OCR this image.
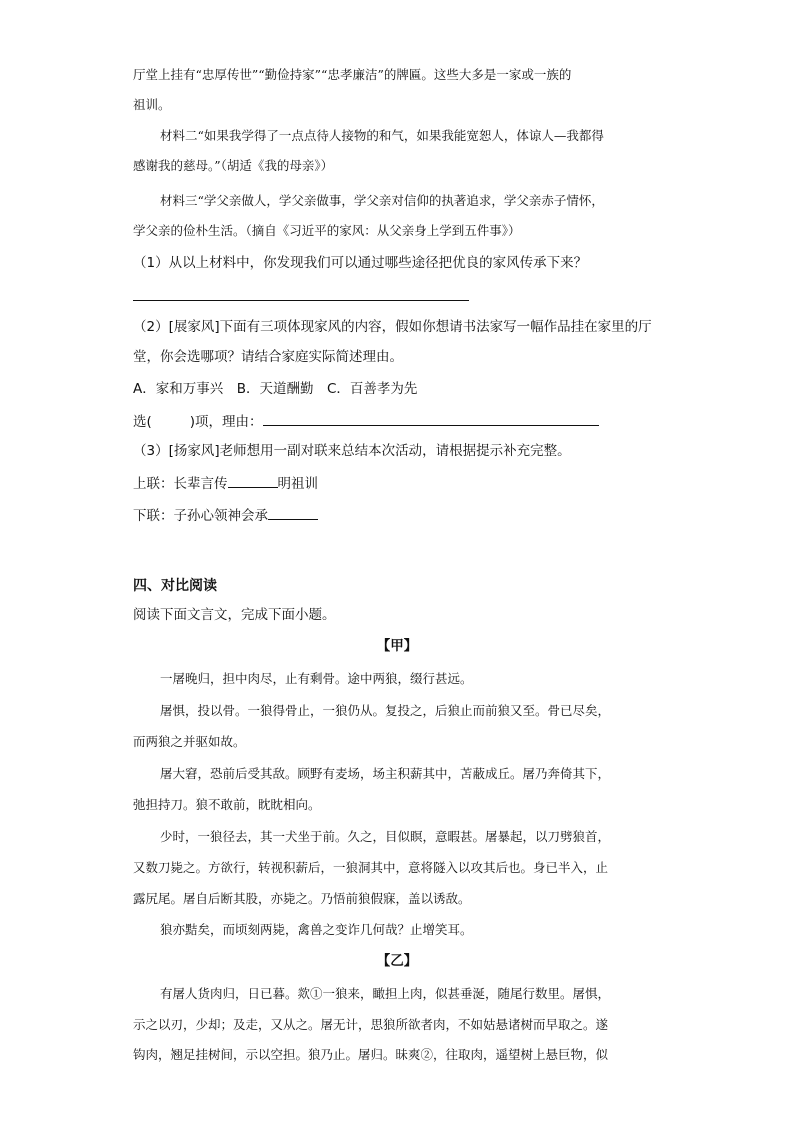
厅堂上挂有“忠厚传世”“勤俭持家”“忠孝廉洁”的牌匾。这些大多是一家或一族的
祖训。
材料二“如果我学得了一点点待人接物的和气，如果我能宽恕人，体谅人—我都得
感谢我的慈母。”（胡适《我的母亲》）
材料三“学父亲做人，学父亲做事，学父亲对信仰的执著追求，学父亲赤子情怀，
学父亲的俭朴生活。（摘自《习近平的家风：从父亲身上学到五件事》）
（1）从以上材料中，你发现我们可以通过哪些途径把优良的家风传承下来？
（2）[展家风]下面有三项体现家风的内容，假如你想请书法家写一幅作品挂在家里的厅
堂，你会选哪项？请结合家庭实际简述理由。
A．家和万事兴　B．天道酬勤　C．百善孝为先
选(	)项，理由：
（3）[扬家风]老师想用一副对联来总结本次活动，请根据提示补充完整。
上联：长辈言传	明祖训
下联：子孙心领神会承
四、对比阅读
阅读下面文言文，完成下面小题。
【甲】
一屠晚归，担中肉尽，止有剩骨。途中两狼，缀行甚远。
屠惧，投以骨。一狼得骨止，一狼仍从。复投之，后狼止而前狼又至。骨已尽矣，
而两狼之并驱如故。
屠大窘，恐前后受其敌。顾野有麦场，场主积薪其中，苫蔽成丘。屠乃奔倚其下，
弛担持刀。狼不敢前，眈眈相向。
少时，一狼径去，其一犬坐于前。久之，目似瞑，意暇甚。屠暴起，以刀劈狼首，
又数刀毙之。方欲行，转视积薪后，一狼洞其中，意将隧入以攻其后也。身已半入，止
露尻尾。屠自后断其股，亦毙之。乃悟前狼假寐，盖以诱敌。
狼亦黠矣，而顷刻两毙，禽兽之变诈几何哉？止增笑耳。
【乙】
有屠人货肉归，日已暮。欻①一狼来，瞰担上肉，似甚垂涎，随尾行数里。屠惧，
示之以刃，少却；及走，又从之。屠无计，思狼所欲者肉，不如姑悬诸树而早取之。遂
钩肉，翘足挂树间，示以空担。狼乃止。屠归。昧爽②，往取肉，遥望树上悬巨物，似
